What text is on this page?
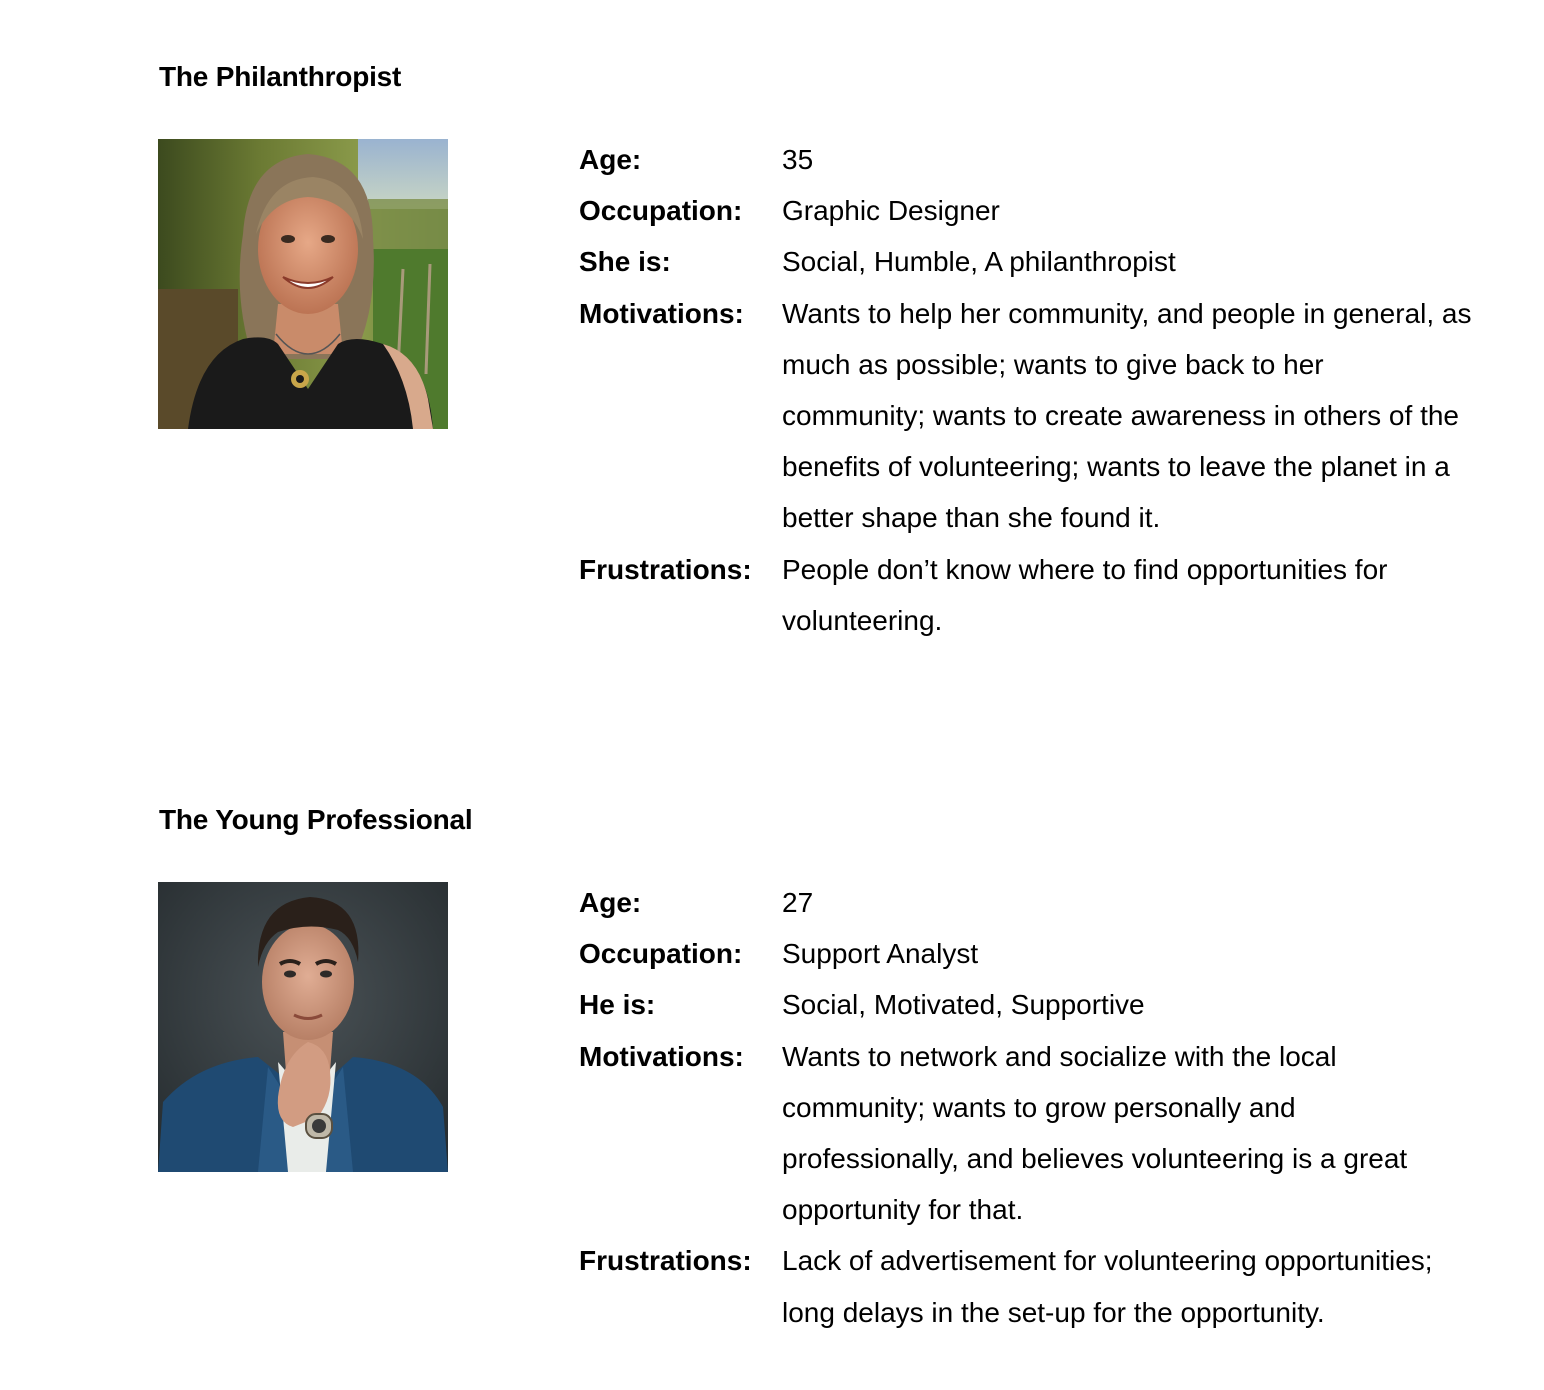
The Philanthropist
Age:	35
Occupation:	Graphic Designer
She is:	Social, Humble, A philanthropist
Motivations:	Wants to help her community, and people in general, as much as possible; wants to give back to her community; wants to create awareness in others of the benefits of volunteering; wants to leave the planet in a better shape than she found it.
Frustrations:	People don’t know where to find opportunities for volunteering.
The Young Professional
Age:	27
Occupation:	Support Analyst
He is:	Social, Motivated, Supportive
Motivations:	Wants to network and socialize with the local community; wants to grow personally and professionally, and believes volunteering is a great opportunity for that.
Frustrations:	Lack of advertisement for volunteering opportunities; long delays in the set-up for the opportunity.
